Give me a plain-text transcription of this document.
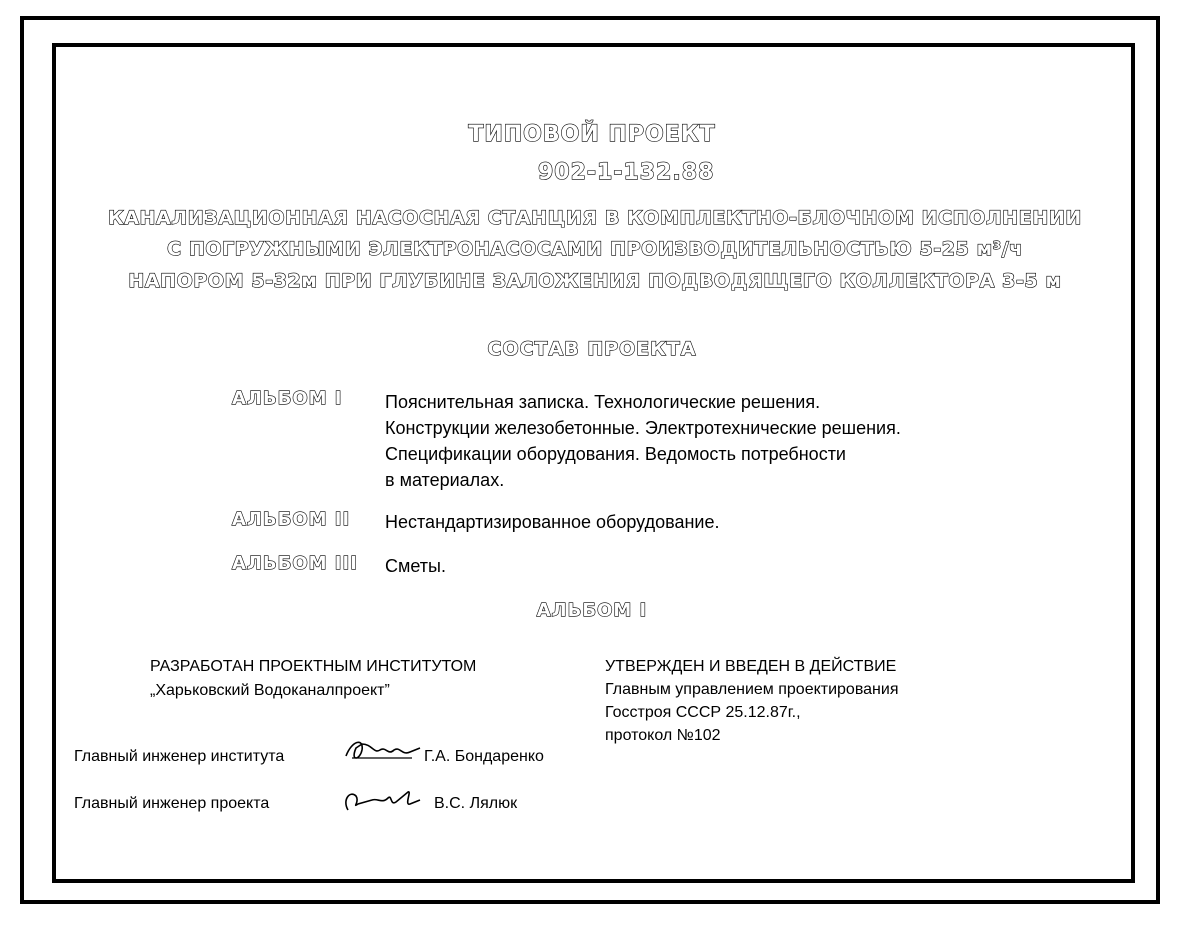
ТИПОВОЙ ПРОЕКТ
902-1-132.88
КАНАЛИЗАЦИОННАЯ НАСОСНАЯ СТАНЦИЯ В КОМПЛЕКТНО-БЛОЧНОМ ИСПОЛНЕНИИ
С ПОГРУЖНЫМИ ЭЛЕКТРОНАСОСАМИ ПРОИЗВОДИТЕЛЬНОСТЬЮ 5-25 м³/ч
НАПОРОМ 5-32м ПРИ ГЛУБИНЕ ЗАЛОЖЕНИЯ ПОДВОДЯЩЕГО КОЛЛЕКТОРА 3-5 м
СОСТАВ ПРОЕКТА
АЛЬБОМ I Пояснительная записка. Технологические решения.
Конструкции железобетонные. Электротехнические решения.
Спецификации оборудования. Ведомость потребности
в материалах.
АЛЬБОМ II Нестандартизированное оборудование.
АЛЬБОМ III Сметы.
АЛЬБОМ I
РАЗРАБОТАН ПРОЕКТНЫМ ИНСТИТУТОМ
„Харьковский Водоканалпроект”
УТВЕРЖДЕН И ВВЕДЕН В ДЕЙСТВИЕ
Главным управлением проектирования
Госстроя СССР 25.12.87г.,
протокол №102
Главный инженер института	Г.А. Бондаренко
Главный инженер проекта	В.С. Лялюк
